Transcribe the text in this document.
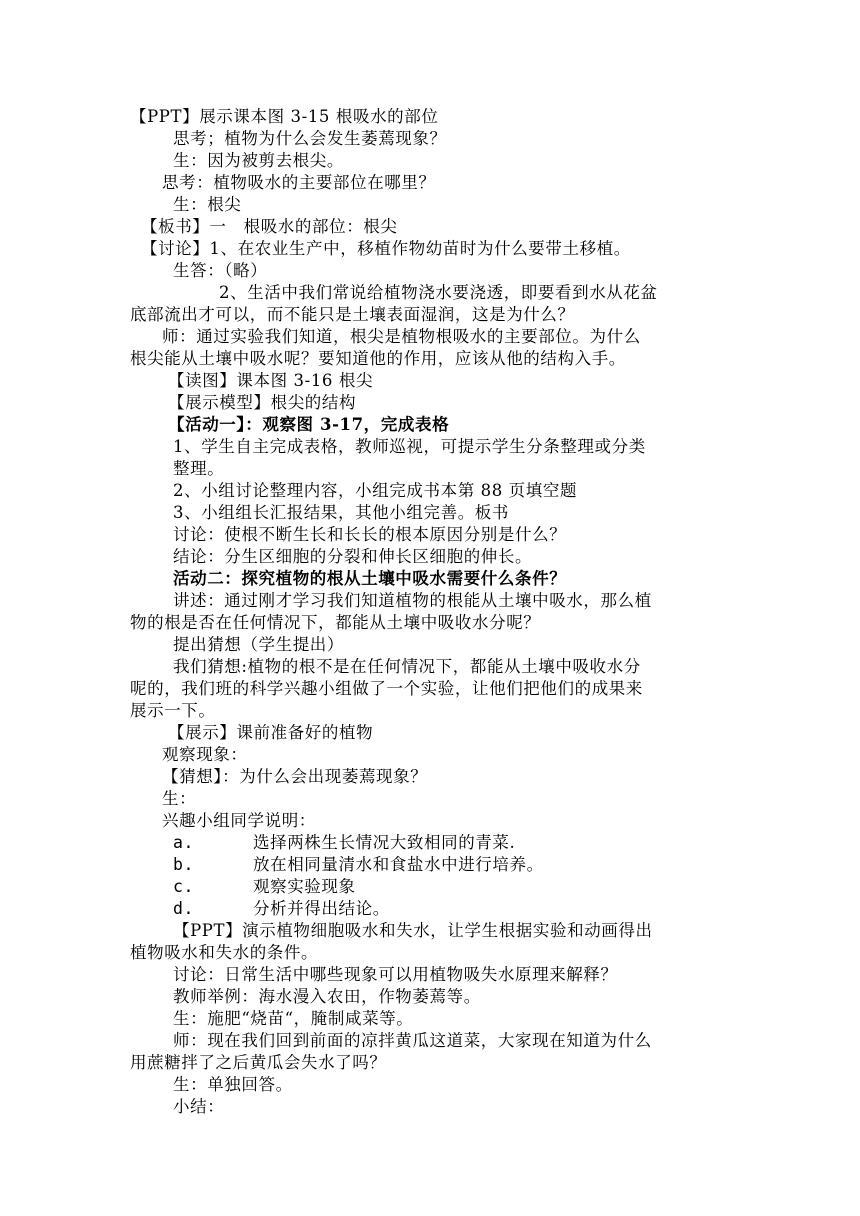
【PPT】展示课本图 3-15 根吸水的部位
思考；植物为什么会发生萎蔫现象？
生：因为被剪去根尖。
思考：植物吸水的主要部位在哪里？
生：根尖
【板书】一　根吸水的部位：根尖
【讨论】1、在农业生产中，移植作物幼苗时为什么要带土移植。
生答：（略）
2、生活中我们常说给植物浇水要浇透，即要看到水从花盆
底部流出才可以，而不能只是土壤表面湿润，这是为什么？
师：通过实验我们知道，根尖是植物根吸水的主要部位。为什么
根尖能从土壤中吸水呢？要知道他的作用，应该从他的结构入手。
【读图】课本图 3-16 根尖
【展示模型】根尖的结构
【活动一】：观察图 3-17，完成表格
1、学生自主完成表格，教师巡视，可提示学生分条整理或分类
整理。
2、小组讨论整理内容，小组完成书本第 88 页填空题
3、小组组长汇报结果，其他小组完善。板书
讨论：使根不断生长和长长的根本原因分别是什么？
结论：分生区细胞的分裂和伸长区细胞的伸长。
活动二：探究植物的根从土壤中吸水需要什么条件？
讲述：通过刚才学习我们知道植物的根能从土壤中吸水，那么植
物的根是否在任何情况下，都能从土壤中吸收水分呢？
提出猜想（学生提出）
我们猜想:植物的根不是在任何情况下，都能从土壤中吸收水分
呢的，我们班的科学兴趣小组做了一个实验，让他们把他们的成果来
展示一下。
【展示】课前准备好的植物
观察现象：
【猜想】：为什么会出现萎蔫现象？
生：
兴趣小组同学说明：
a.	选择两株生长情况大致相同的青菜.
b.	放在相同量清水和食盐水中进行培养。
c.	观察实验现象
d.	分析并得出结论。
【PPT】演示植物细胞吸水和失水，让学生根据实验和动画得出
植物吸水和失水的条件。
讨论：日常生活中哪些现象可以用植物吸失水原理来解释？
教师举例：海水漫入农田，作物萎蔫等。
生：施肥“烧苗“，腌制咸菜等。
师：现在我们回到前面的凉拌黄瓜这道菜，大家现在知道为什么
用蔗糖拌了之后黄瓜会失水了吗？
生：单独回答。
小结：
